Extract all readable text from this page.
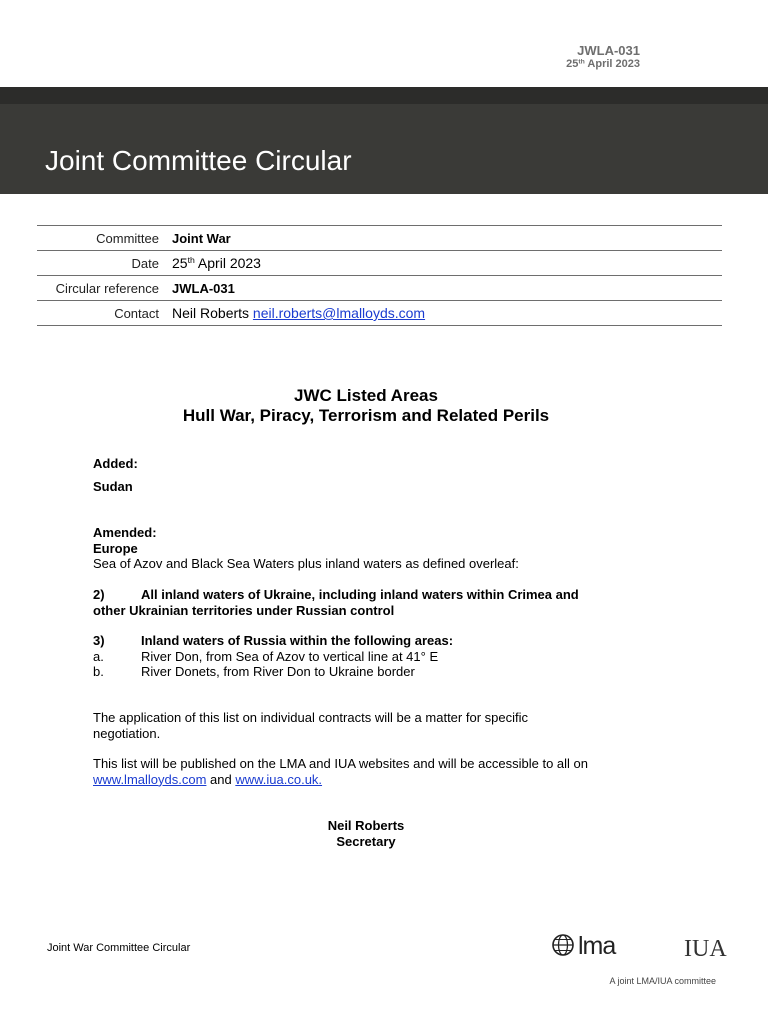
JWLA-031
25th April 2023
Joint Committee Circular
Committee	Joint War
Date	25th April 2023
Circular reference	JWLA-031
Contact	Neil Roberts neil.roberts@lmalloyds.com
JWC Listed Areas
Hull War, Piracy, Terrorism and Related Perils
Added:
Sudan
Amended:
Europe
Sea of Azov and Black Sea Waters plus inland waters as defined overleaf:
2)	All inland waters of Ukraine, including inland waters within Crimea and
other Ukrainian territories under Russian control
3)	Inland waters of Russia within the following areas:
a.	River Don, from Sea of Azov to vertical line at 41° E
b.	River Donets, from River Don to Ukraine border
The application of this list on individual contracts will be a matter for specific
negotiation.
This list will be published on the LMA and IUA websites and will be accessible to all on
www.lmalloyds.com and www.iua.co.uk.
Neil Roberts
Secretary
Joint War Committee Circular	lma	IUA
A joint LMA/IUA committee
